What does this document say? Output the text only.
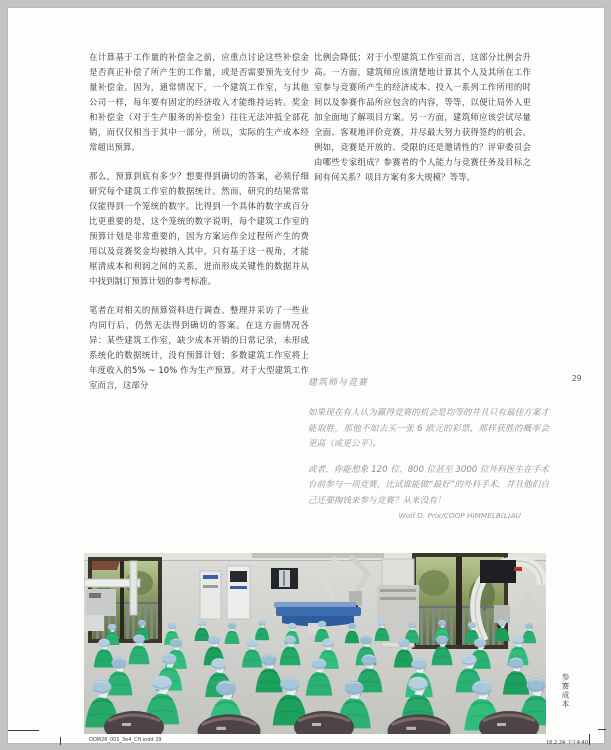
在计算基于工作量的补偿金之前，应重点讨论这些补偿金是否真正补偿了所产生的工作量，或是否需要预先支付少量补偿金。因为，通常情况下，一个建筑工作室，与其他公司一样，每年要有固定的经济收入才能维持运转。奖金和补偿金（对于生产服务的补偿金）往往无法冲抵全部花销，而仅仅相当于其中一部分，所以，实际的生产成本经常超出预算。

那么，预算到底有多少？想要得到确切的答案，必须仔细研究每个建筑工作室的数据统计。然而，研究的结果常常仅能得到一个笼统的数字。比得到一个具体的数字或百分比更重要的是，这个笼统的数字说明，每个建筑工作室的预算计划是非常重要的，因为方案运作全过程所产生的费用以及竞赛奖金均被纳入其中。只有基于这一视角，才能厘清成本和利润之间的关系，进而形成关键性的数据并从中找到制订预算计划的参考标准。

笔者在对相关的预算资料进行调查、整理并采访了一些业内同行后，仍然无法得到确切的答案。在这方面情况各异：某些建筑工作室，缺少成本开销的日常记录，未形成系统化的数据统计，没有预算计划；多数建筑工作室将上年度收入的5% ~ 10% 作为生产预算。对于大型建筑工作室而言，这部分

比例会降低；对于小型建筑工作室而言，这部分比例会升高。一方面，建筑师应该清楚地计算其个人及其所在工作室参与竞赛所产生的经济成本、投入一系列工作所用的时间以及参赛作品所应包含的内容，等等，以便让局外人更加全面地了解项目方案。另一方面，建筑师应该尝试尽量全面、客观地评价竞赛，并尽最大努力获得签约的机会。例如，竞赛是开放的、受限的还是邀请性的？评审委员会由哪些专家组成？参赛者的个人能力与竞赛任务及目标之间有何关系？项目方案有多大规模？等等。

29
建筑师与竞赛

如果现在有人认为赢得竞赛的机会是均等的并且只有最佳方案才能取胜，那他不如去买一张 6 欧元的彩票，那样获胜的概率会更高（或更公平）。

或者，你能想象 120 位、800 位甚至 3000 位外科医生在手术台前参与一项竞赛，比试谁能做“最好”的外科手术，并且他们自己还要掏钱来参与竞赛？从来没有！

Wolf D. Prix/COOP HIMMELB(L)AU
参赛成本
DOM26_001_3e4_CH.indd 29
16.2.24 下午4:40
